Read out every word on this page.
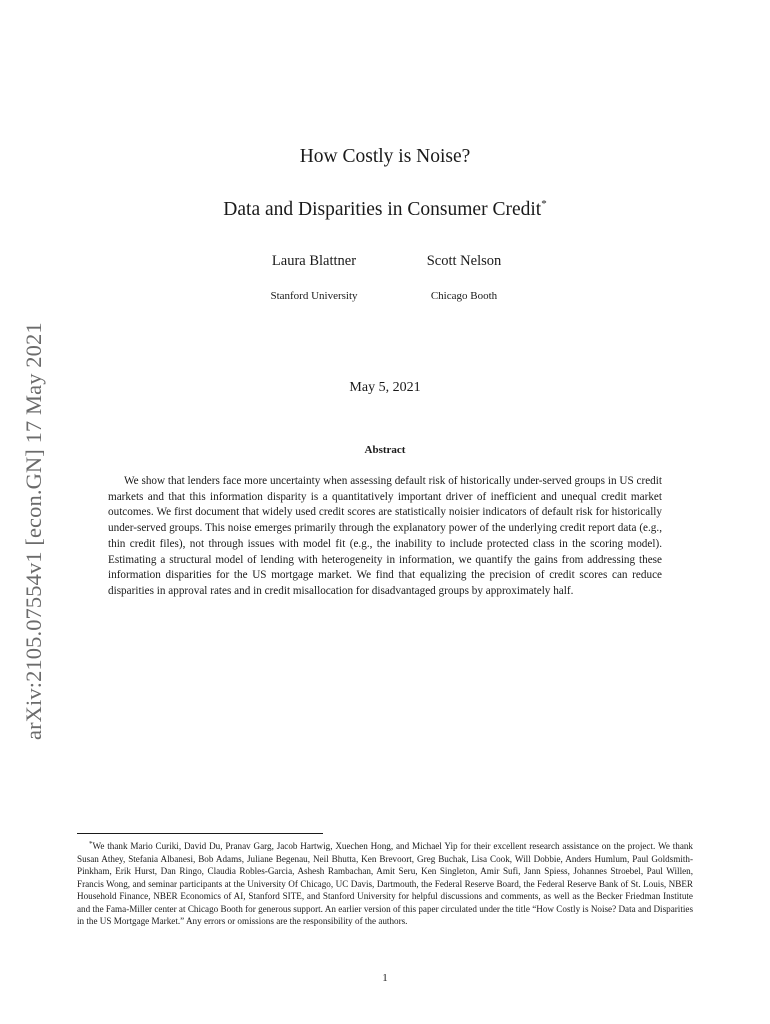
arXiv:2105.07554v1 [econ.GN] 17 May 2021
How Costly is Noise?
Data and Disparities in Consumer Credit*
Laura Blattner	Scott Nelson
Stanford University	Chicago Booth
May 5, 2021
Abstract

We show that lenders face more uncertainty when assessing default risk of historically under-served groups in US credit markets and that this information disparity is a quantitatively important driver of inefficient and unequal credit market outcomes. We first document that widely used credit scores are statistically noisier indicators of default risk for historically under-served groups. This noise emerges primarily through the explanatory power of the underlying credit report data (e.g., thin credit files), not through issues with model fit (e.g., the inability to include protected class in the scoring model). Estimating a structural model of lending with heterogeneity in information, we quantify the gains from addressing these information disparities for the US mortgage market. We find that equalizing the precision of credit scores can reduce disparities in approval rates and in credit misallocation for disadvantaged groups by approximately half.

*We thank Mario Curiki, David Du, Pranav Garg, Jacob Hartwig, Xuechen Hong, and Michael Yip for their excellent research assistance on the project. We thank Susan Athey, Stefania Albanesi, Bob Adams, Juliane Begenau, Neil Bhutta, Ken Brevoort, Greg Buchak, Lisa Cook, Will Dobbie, Anders Humlum, Paul Goldsmith-Pinkham, Erik Hurst, Dan Ringo, Claudia Robles-Garcia, Ashesh Rambachan, Amit Seru, Ken Singleton, Amir Sufi, Jann Spiess, Johannes Stroebel, Paul Willen, Francis Wong, and seminar participants at the University Of Chicago, UC Davis, Dartmouth, the Federal Reserve Board, the Federal Reserve Bank of St. Louis, NBER Household Finance, NBER Economics of AI, Stanford SITE, and Stanford University for helpful discussions and comments, as well as the Becker Friedman Institute and the Fama-Miller center at Chicago Booth for generous support. An earlier version of this paper circulated under the title “How Costly is Noise? Data and Disparities in the US Mortgage Market.” Any errors or omissions are the responsibility of the authors.

1
